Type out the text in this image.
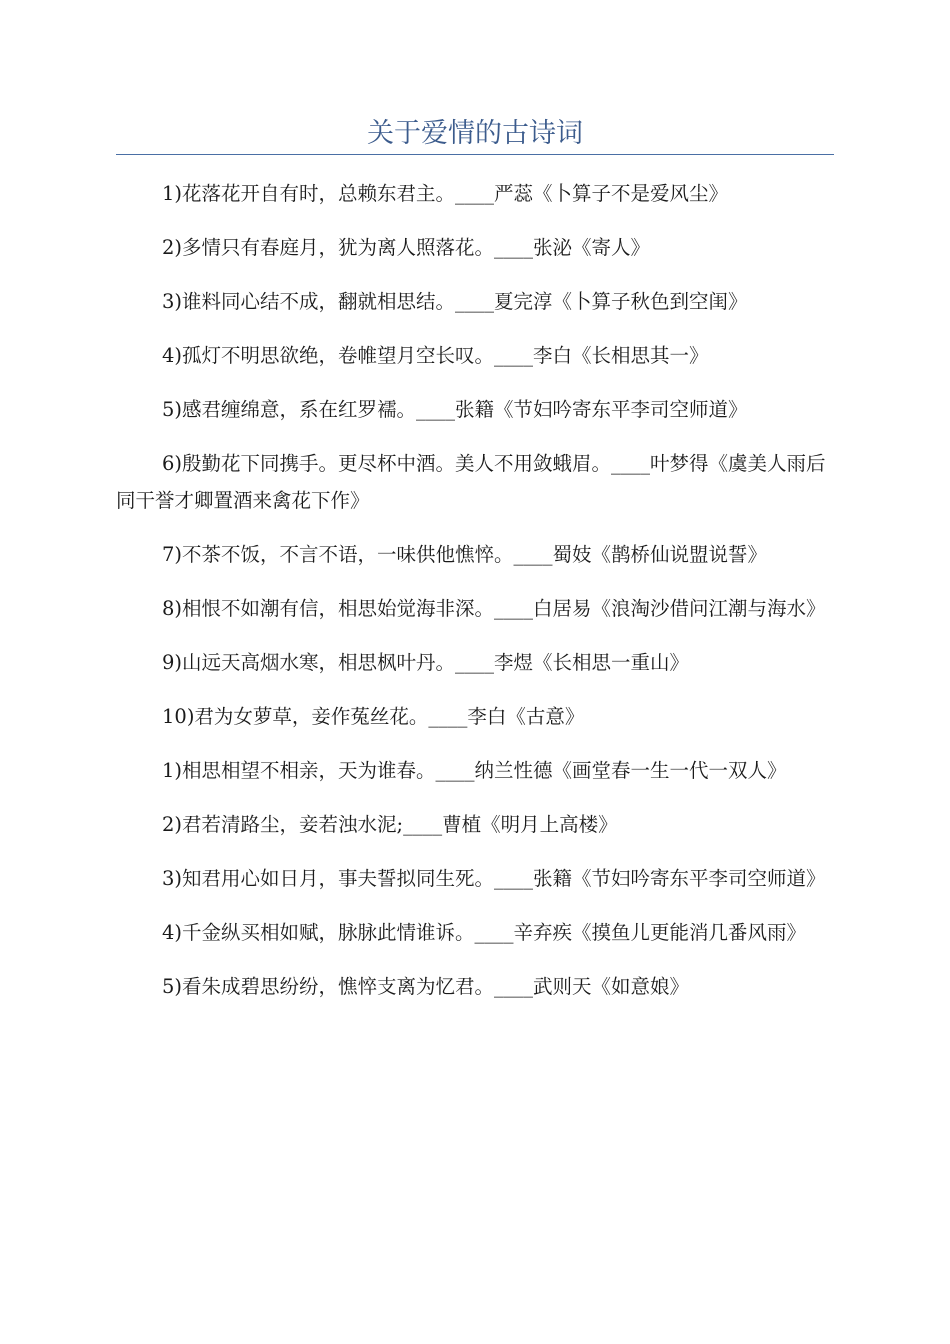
关于爱情的古诗词

1)花落花开自有时，总赖东君主。____严蕊《卜算子不是爱风尘》

2)多情只有春庭月，犹为离人照落花。____张泌《寄人》

3)谁料同心结不成，翻就相思结。____夏完淳《卜算子秋色到空闺》

4)孤灯不明思欲绝，卷帷望月空长叹。____李白《长相思其一》

5)感君缠绵意，系在红罗襦。____张籍《节妇吟寄东平李司空师道》

6)殷勤花下同携手。更尽杯中酒。美人不用敛蛾眉。____叶梦得《虞美人雨后同干誉才卿置酒来禽花下作》

7)不茶不饭，不言不语，一味供他憔悴。____蜀妓《鹊桥仙说盟说誓》

8)相恨不如潮有信，相思始觉海非深。____白居易《浪淘沙借问江潮与海水》

9)山远天高烟水寒，相思枫叶丹。____李煜《长相思一重山》

10)君为女萝草，妾作菟丝花。____李白《古意》

1)相思相望不相亲，天为谁春。____纳兰性德《画堂春一生一代一双人》

2)君若清路尘，妾若浊水泥;____曹植《明月上高楼》

3)知君用心如日月，事夫誓拟同生死。____张籍《节妇吟寄东平李司空师道》

4)千金纵买相如赋，脉脉此情谁诉。____辛弃疾《摸鱼儿更能消几番风雨》

5)看朱成碧思纷纷，憔悴支离为忆君。____武则天《如意娘》
